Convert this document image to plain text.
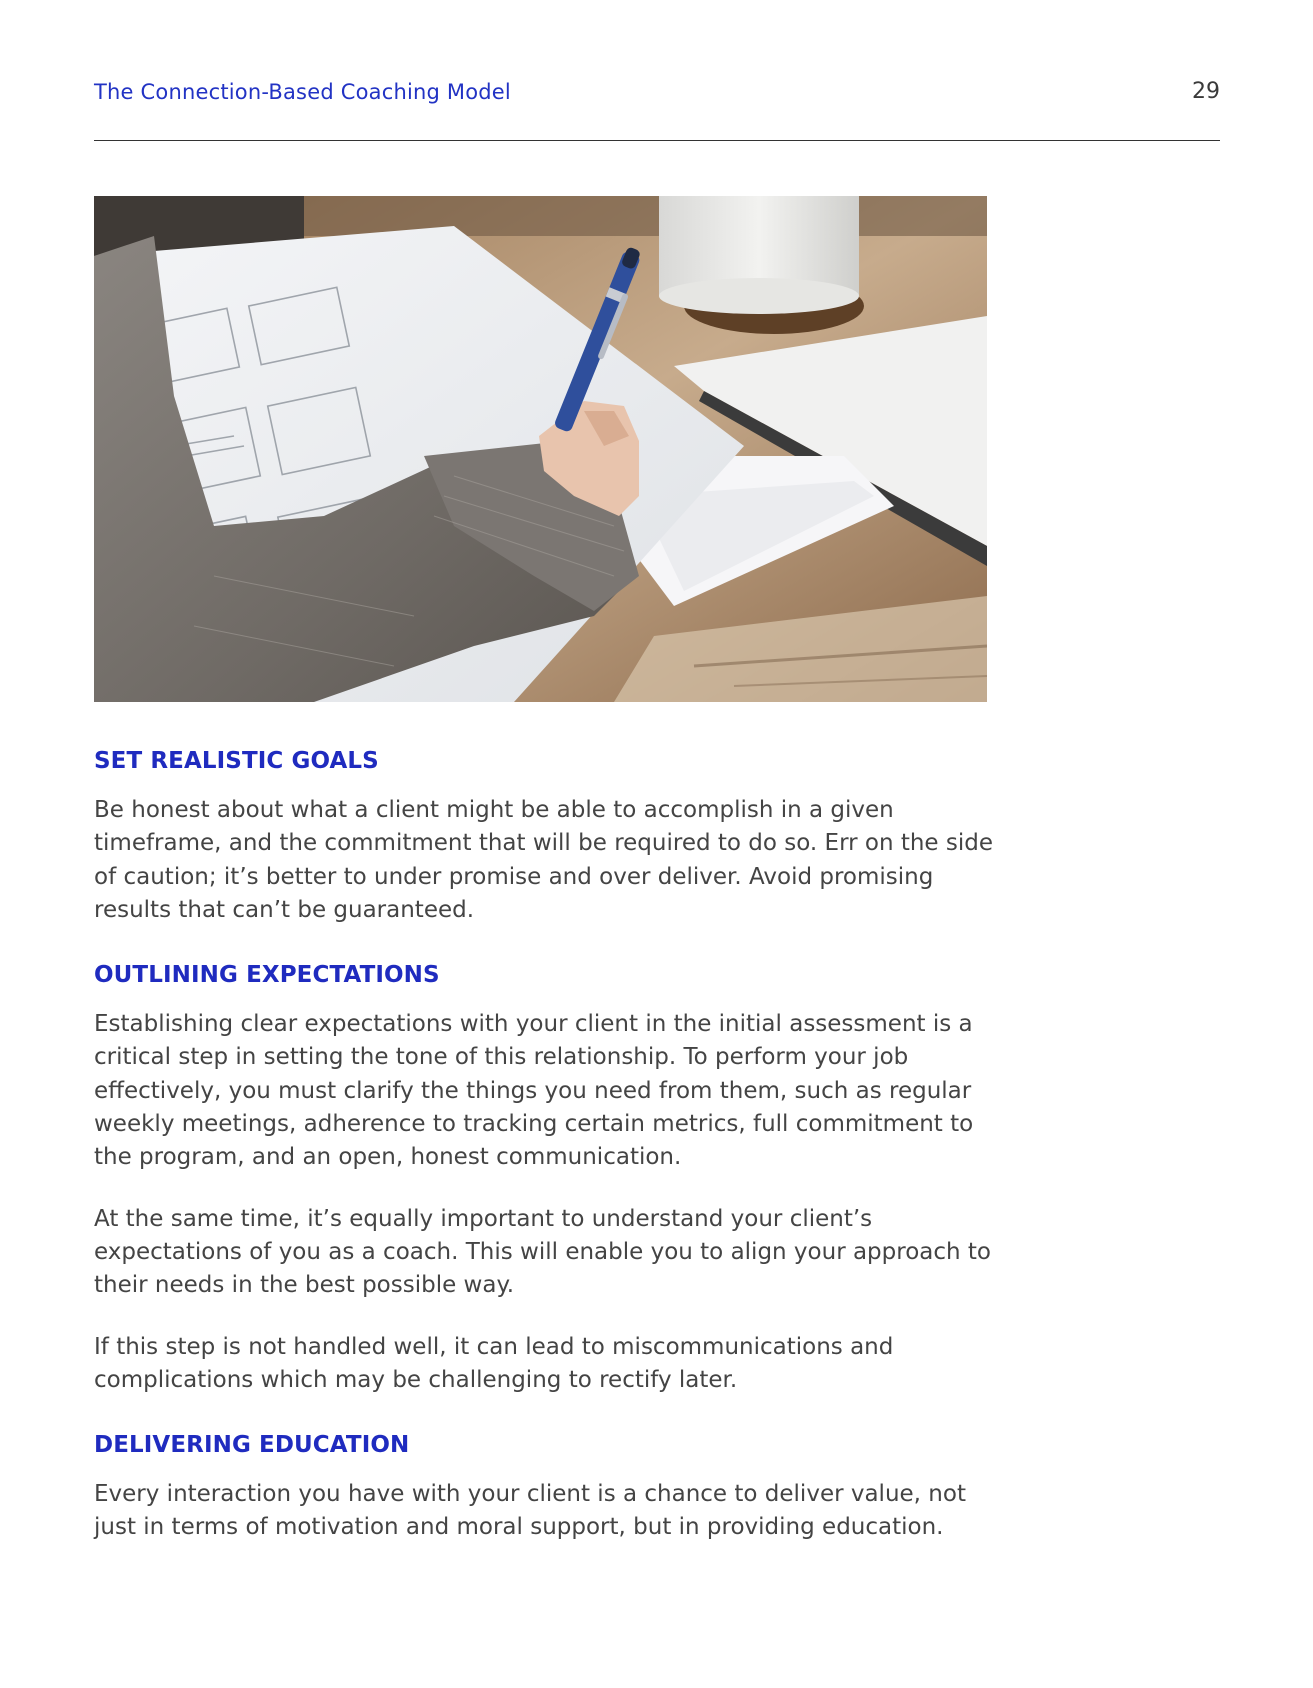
The Connection-Based Coaching Model	29
SET REALISTIC GOALS

Be honest about what a client might be able to accomplish in a given timeframe, and the commitment that will be required to do so. Err on the side of caution; it’s better to under promise and over deliver. Avoid promising results that can’t be guaranteed.

OUTLINING EXPECTATIONS

Establishing clear expectations with your client in the initial assessment is a critical step in setting the tone of this relationship. To perform your job effectively, you must clarify the things you need from them, such as regular weekly meetings, adherence to tracking certain metrics, full commitment to the program, and an open, honest communication.

At the same time, it’s equally important to understand your client’s expectations of you as a coach. This will enable you to align your approach to their needs in the best possible way.

If this step is not handled well, it can lead to miscommunications and complications which may be challenging to rectify later.

DELIVERING EDUCATION

Every interaction you have with your client is a chance to deliver value, not just in terms of motivation and moral support, but in providing education.
